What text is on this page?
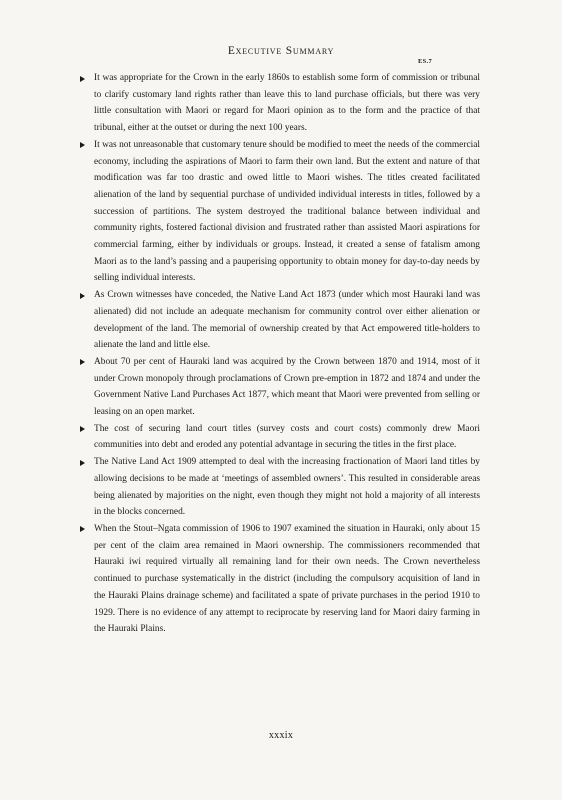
Executive Summary
ES.7
It was appropriate for the Crown in the early 1860s to establish some form of commission or tribunal to clarify customary land rights rather than leave this to land purchase officials, but there was very little consultation with Maori or regard for Maori opinion as to the form and the practice of that tribunal, either at the outset or during the next 100 years.
It was not unreasonable that customary tenure should be modified to meet the needs of the commercial economy, including the aspirations of Maori to farm their own land. But the extent and nature of that modification was far too drastic and owed little to Maori wishes. The titles created facilitated alienation of the land by sequential purchase of undivided individual interests in titles, followed by a succession of partitions. The system destroyed the traditional balance between individual and community rights, fostered factional division and frustrated rather than assisted Maori aspirations for commercial farming, either by individuals or groups. Instead, it created a sense of fatalism among Maori as to the land’s passing and a pauperising opportunity to obtain money for day-to-day needs by selling individual interests.
As Crown witnesses have conceded, the Native Land Act 1873 (under which most Hauraki land was alienated) did not include an adequate mechanism for community control over either alienation or development of the land. The memorial of ownership created by that Act empowered title-holders to alienate the land and little else.
About 70 per cent of Hauraki land was acquired by the Crown between 1870 and 1914, most of it under Crown monopoly through proclamations of Crown pre-emption in 1872 and 1874 and under the Government Native Land Purchases Act 1877, which meant that Maori were prevented from selling or leasing on an open market.
The cost of securing land court titles (survey costs and court costs) commonly drew Maori communities into debt and eroded any potential advantage in securing the titles in the first place.
The Native Land Act 1909 attempted to deal with the increasing fractionation of Maori land titles by allowing decisions to be made at ‘meetings of assembled owners’. This resulted in considerable areas being alienated by majorities on the night, even though they might not hold a majority of all interests in the blocks concerned.
When the Stout–Ngata commission of 1906 to 1907 examined the situation in Hauraki, only about 15 per cent of the claim area remained in Maori ownership. The commissioners recommended that Hauraki iwi required virtually all remaining land for their own needs. The Crown nevertheless continued to purchase systematically in the district (including the compulsory acquisition of land in the Hauraki Plains drainage scheme) and facilitated a spate of private purchases in the period 1910 to 1929. There is no evidence of any attempt to reciprocate by reserving land for Maori dairy farming in the Hauraki Plains.
xxxix
